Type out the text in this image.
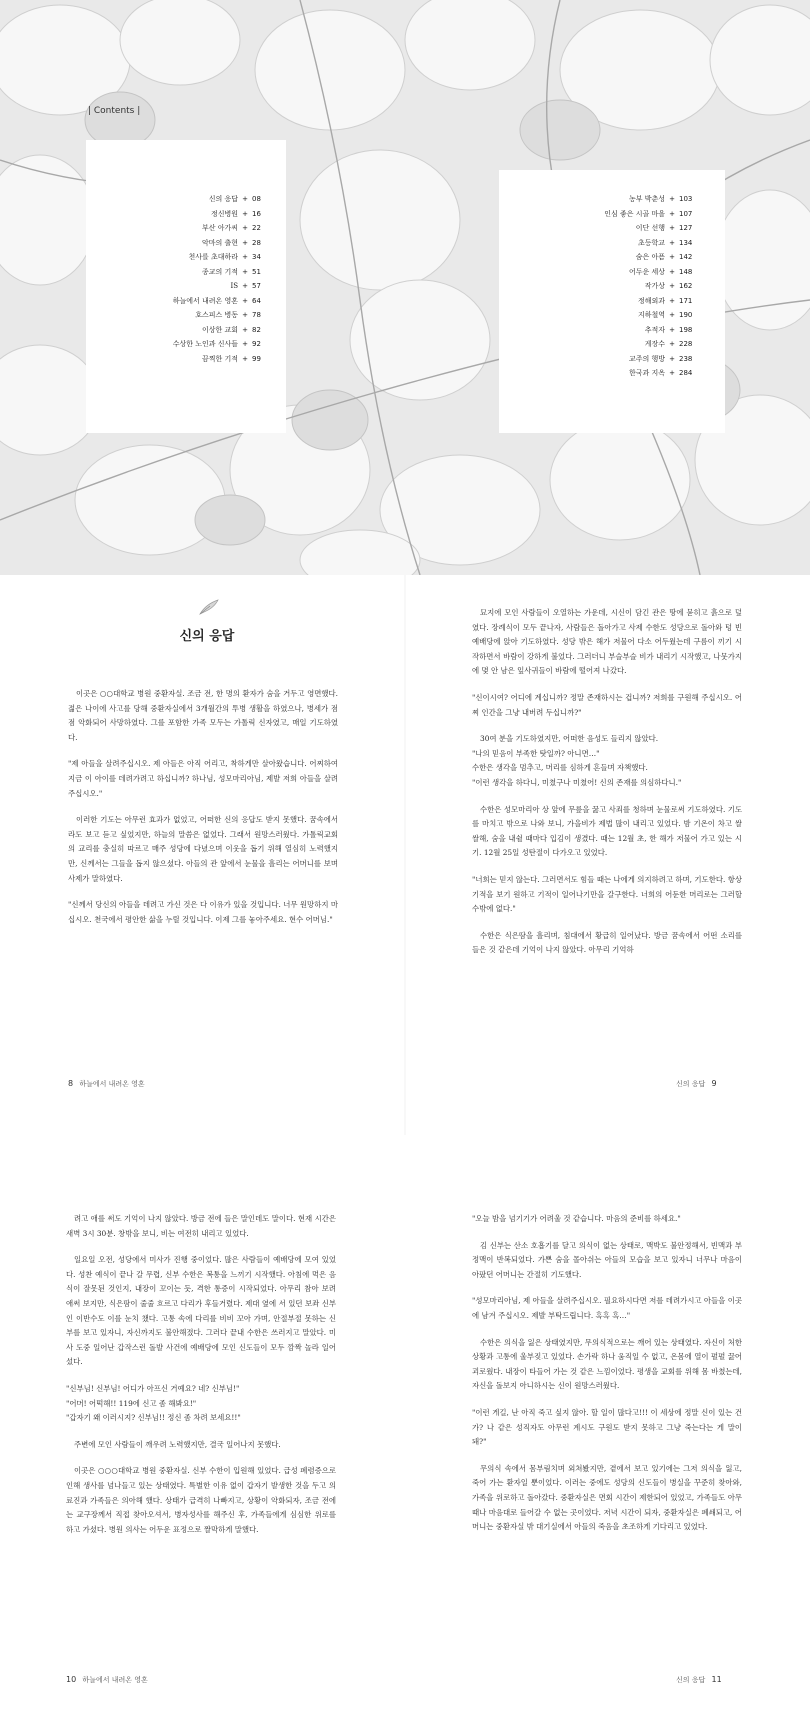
| Contents |
신의 응답 + 08
정신병원 + 16
부산 아가씨 + 22
악마의 출현 + 28
천사를 초대하라 + 34
종교의 기적 + 51
IS + 57
하늘에서 내려온 영혼 + 64
호스피스 병동 + 78
이상한 교회 + 82
수상한 노인과 신사들 + 92
끔찍한 기적 + 99
농부 박춘성 + 103
인심 좋은 시골 마을 + 107
이단 선행 + 127
초등학교 + 134
숨은 아픔 + 142
어두운 세상 + 148
작가상 + 162
정해외과 + 171
지하철역 + 190
추적자 + 198
게장수 + 228
교주의 행방 + 238
한국과 지옥 + 284
신의 응답

이곳은 ○○대학교 병원 중환자실. 조금 전, 한 명의 환자가 숨을 거두고 영면했다. 젊은 나이에 사고를 당해 중환자실에서 3개월간의 투병 생활을 하였으나, 병세가 점점 악화되어 사망하였다. 그를 포함한 가족 모두는 가톨릭 신자였고, 매일 기도하였다.

"제 아들을 살려주십시오. 제 아들은 아직 어리고, 착하게만 살아왔습니다. 어찌하여 지금 이 아이를 데려가려고 하십니까? 하나님, 성모마리아님, 제발 저희 아들을 살려주십시오."

이러한 기도는 아무런 효과가 없었고, 어떠한 신의 응답도 받지 못했다. 꿈속에서라도 보고 듣고 싶었지만, 하늘의 말씀은 없었다. 그래서 원망스러웠다. 가톨릭교회의 교리를 충실히 따르고 매주 성당에 다녔으며 이웃을 돕기 위해 열심히 노력했지만, 신께서는 그들을 돕지 않으셨다. 아들의 관 앞에서 눈물을 흘리는 어머니를 보며 사제가 말하였다.

"신께서 당신의 아들을 데려고 가신 것은 다 이유가 있을 것입니다. 너무 원망하지 마십시오. 천국에서 평안한 삶을 누릴 것입니다. 이제 그를 놓아주세요. 현수 어머님."

묘지에 모인 사람들이 오열하는 가운데, 시신이 담긴 관은 땅에 묻히고 흙으로 덮였다. 장례식이 모두 끝나자, 사람들은 돌아가고 사제 수한도 성당으로 돌아와 텅 빈 예배당에 앉아 기도하였다. 성당 밖은 해가 저물어 다소 어두웠는데 구름이 끼기 시작하면서 바람이 강하게 불었다. 그러더니 부슬부슬 비가 내리기 시작했고, 나뭇가지에 몇 안 남은 잎사귀들이 바람에 떨어져 나갔다.

"신이시여? 어디에 계십니까? 정말 존재하시는 겁니까? 저희를 구원해 주십시오. 어찌 인간을 그냥 내버려 두십니까?"

30여 분을 기도하였지만, 어떠한 음성도 들리지 않았다.
"나의 믿음이 부족한 탓일까? 아니면…"
수한은 생각을 멈추고, 머리를 심하게 흔들며 자책했다.
"이런 생각을 하다니, 미쳤구나 미쳤어! 신의 존재를 의심하다니."

수한은 성모마리아 상 앞에 무릎을 꿇고 사죄를 청하며 눈물로써 기도하였다. 기도를 마치고 밖으로 나와 보니, 가을비가 제법 많이 내리고 있었다. 밤 기온이 차고 쌀쌀해, 숨을 내쉴 때마다 입김이 생겼다. 때는 12월 초, 한 해가 저물어 가고 있는 시기. 12월 25일 성탄절이 다가오고 있었다.

"너희는 믿지 않는다. 그러면서도 힘들 때는 나에게 의지하려고 하며, 기도한다. 항상 기적을 보기 원하고 기적이 일어나기만을 갈구한다. 너희의 어둔한 머리로는 그러할 수밖에 없다."

수한은 식은땀을 흘리며, 침대에서 황급히 일어났다. 방금 꿈속에서 어떤 소리를 들은 것 같은데 기억이 나지 않았다. 아무리 기억하

8 하늘에서 내려온 영혼	신의 응답 9

려고 애를 써도 기억이 나지 않았다. 방금 전에 들은 말인데도 말이다. 현재 시간은 새벽 3시 30분. 창밖을 보니, 비는 여전히 내리고 있었다.

일요일 오전, 성당에서 미사가 진행 중이었다. 많은 사람들이 예배당에 모여 있었다. 성찬 예식이 끝나 갈 무렵, 신부 수한은 복통을 느끼기 시작했다. 아침에 먹은 음식이 잘못된 것인지, 내장이 꼬이는 듯, 격한 통증이 시작되었다. 아무리 참아 보려 애써 보지만, 식은땀이 줄줄 흐르고 다리가 후들거렸다. 제대 옆에 서 있던 보좌 신부인 이반수도 이를 눈치 챘다. 고통 속에 다리를 비비 꼬아 가며, 안절부절 못하는 신부를 보고 있자니, 자신까지도 불안해졌다. 그러다 끝내 수한은 쓰러지고 말았다. 미사 도중 일어난 갑작스런 돌발 사건에 예배당에 모인 신도들이 모두 깜짝 놀라 일어섰다.

"신부님! 신부님! 어디가 아프신 거예요? 네? 신부님!"
"어머! 어떡해!! 119에 신고 좀 해봐요!"
"갑자기 왜 이러시지? 신부님!! 정신 좀 차려 보세요!!"

주변에 모인 사람들이 깨우려 노력했지만, 결국 일어나지 못했다.

이곳은 ○○○대학교 병원 중환자실. 신부 수한이 입원해 있었다. 급성 폐렴증으로 인해 생사를 넘나들고 있는 상태였다. 특별한 이유 없이 갑자기 발생한 것을 두고 의료진과 가족들은 의아해 했다. 상태가 급격히 나빠지고, 상황이 악화되자, 조금 전에는 교구장께서 직접 찾아오셔서, 병자성사를 해주신 후, 가족들에게 심심한 위로를 하고 가셨다. 병원 의사는 어두운 표정으로 짤막하게 말했다.

"오늘 밤을 넘기기가 어려울 것 같습니다. 마음의 준비를 하세요."

김 신부는 산소 호흡기를 달고 의식이 없는 상태로, 맥박도 불안정해서, 빈맥과 부정맥이 반복되었다. 가쁜 숨을 몰아쉬는 아들의 모습을 보고 있자니 너무나 마음이 아팠던 어머니는 간절히 기도했다.

"성모마리아님, 제 아들을 살려주십시오. 필요하시다면 저를 데려가시고 아들을 이곳에 남겨 주십시오. 제발 부탁드립니다. 흑흑 흑…"

수한은 의식을 잃은 상태였지만, 무의식적으로는 깨어 있는 상태였다. 자신이 처한 상황과 고통에 울부짖고 있었다. 손가락 하나 움직일 수 없고, 온몸에 열이 펄펄 끓어 괴로웠다. 내장이 타들어 가는 것 같은 느낌이었다. 평생을 교회를 위해 몸 바쳤는데, 자신을 돌보지 아니하시는 신이 원망스러웠다.

"이런 게길, 난 아직 죽고 싶지 않아. 할 일이 많다고!!! 이 세상에 정말 신이 있는 건가? 나 같은 성직자도 아무런 계시도 구원도 받지 못하고 그냥 죽는다는 게 말이 돼?"

무의식 속에서 몸부림치며 외쳐봤지만, 곁에서 보고 있기에는 그저 의식을 잃고, 죽어 가는 환자일 뿐이었다. 이러는 중에도 성당의 신도들이 병실을 꾸준히 찾아와, 가족을 위로하고 돌아갔다. 중환자실은 면회 시간이 제한되어 있었고, 가족들도 아무 때나 마음대로 들어갈 수 없는 곳이었다. 저녁 시간이 되자, 중환자실은 폐쇄되고, 어머니는 중환자실 밖 대기실에서 아들의 죽음을 초조하게 기다리고 있었다.

10 하늘에서 내려온 영혼	신의 응답 11
